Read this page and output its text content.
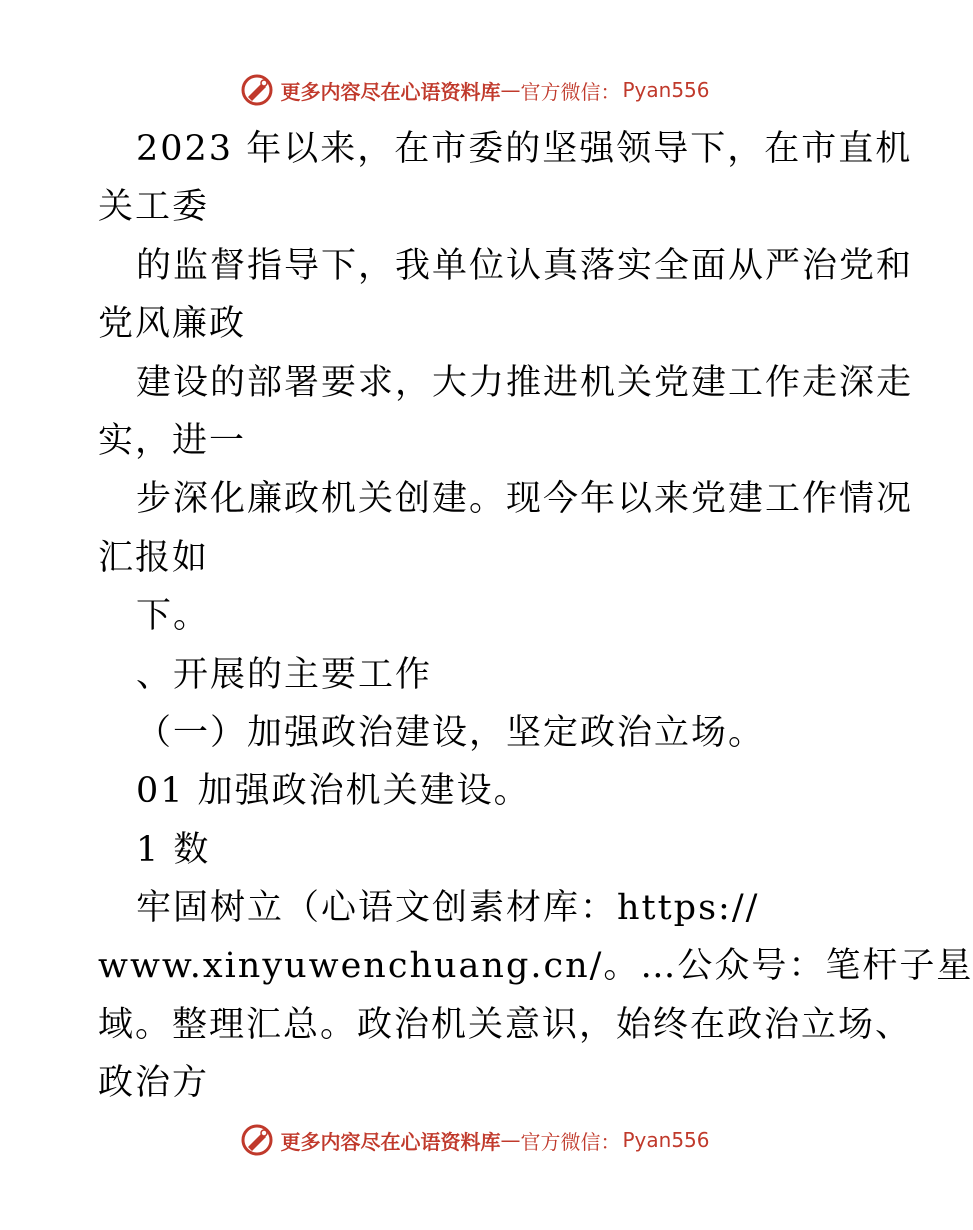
更多内容尽在心语资料库 — 官方微信： Pyan556
2023 年以来，在市委的坚强领导下，在市直机
关工委
的监督指导下，我单位认真落实全面从严治党和
党风廉政
建设的部署要求，大力推进机关党建工作走深走
实，进一
步深化廉政机关创建。现今年以来党建工作情况
汇报如
下。
、开展的主要工作
（一）加强政治建设，坚定政治立场。
01 加强政治机关建设。
1 数
牢固树立（心语文创素材库：https://
www.xinyuwenchuang.cn/。…公众号：笔杆子星
域。整理汇总。政治机关意识，始终在政治立场、
政治方
更多内容尽在心语资料库 — 官方微信： Pyan556
